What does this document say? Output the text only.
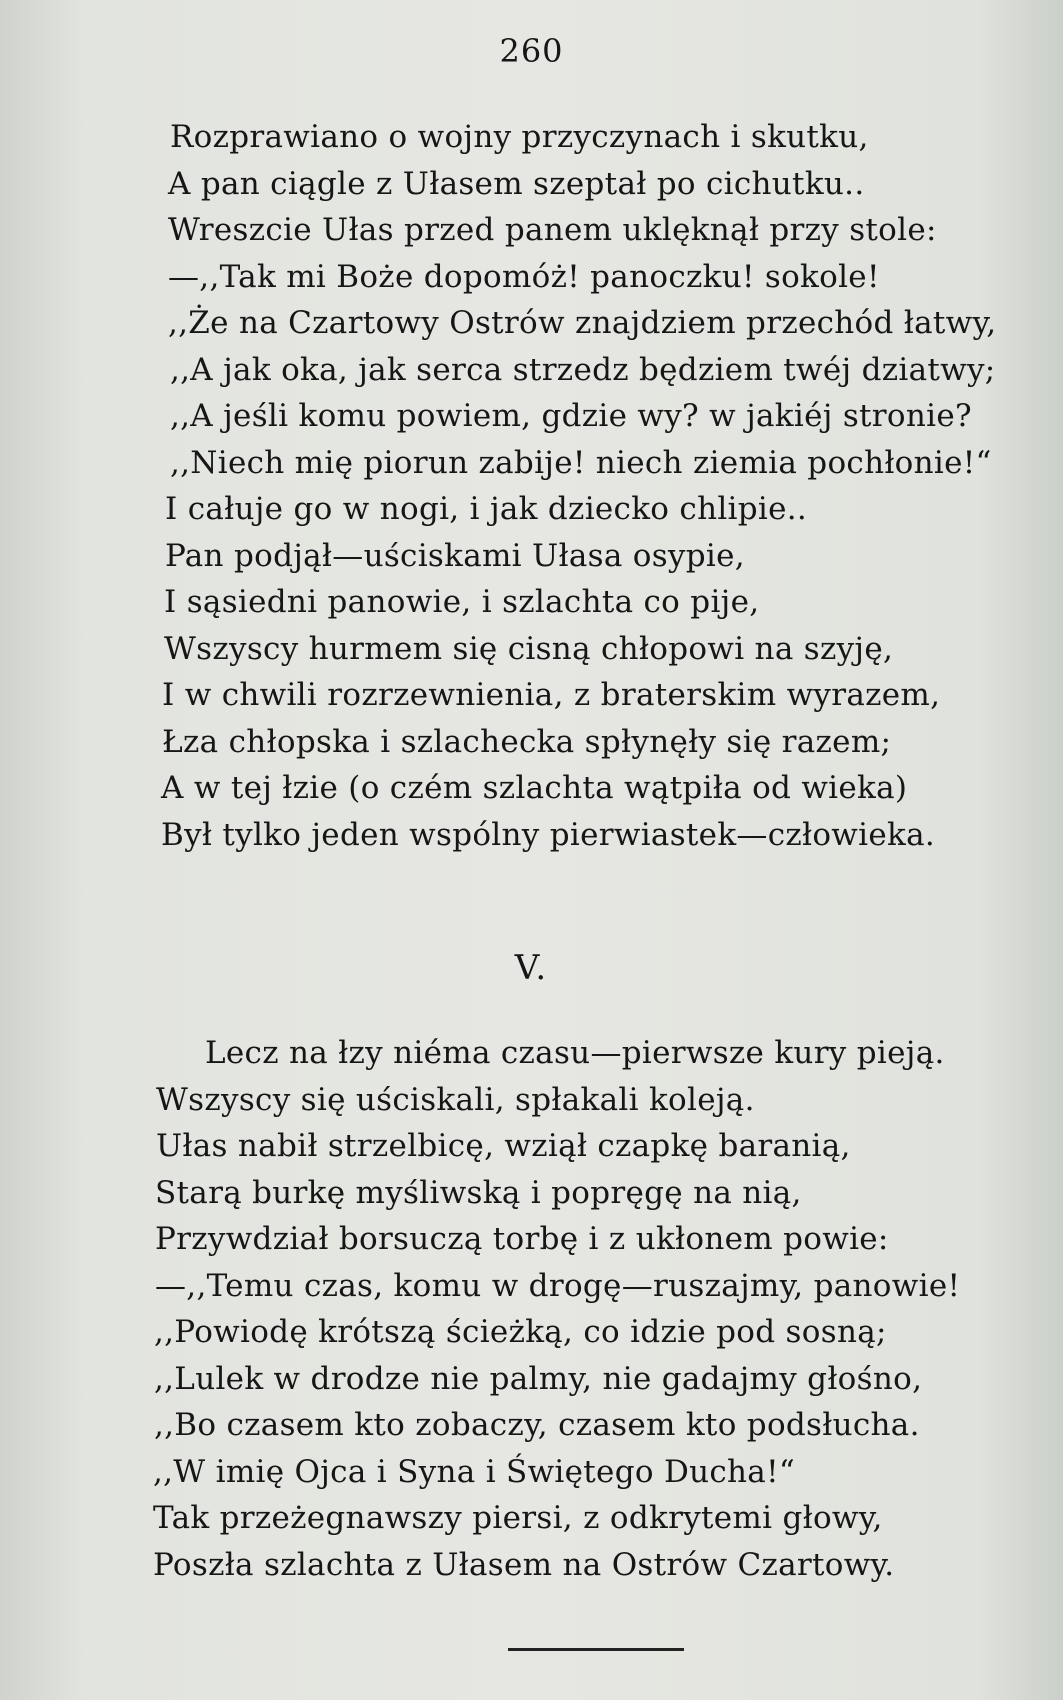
260
Rozprawiano o wojny przyczynach i skutku,
A pan ciągle z Ułasem szeptał po cichutku..
Wreszcie Ułas przed panem uklęknął przy stole:
—,,Tak mi Boże dopomóż! panoczku! sokole!
,,Że na Czartowy Ostrów znajdziem przechód łatwy,
,,A jak oka, jak serca strzedz będziem twéj dziatwy;
,,A jeśli komu powiem, gdzie wy? w jakiéj stronie?
,,Niech mię piorun zabije! niech ziemia pochłonie!“
I całuje go w nogi, i jak dziecko chlipie..
Pan podjął—uściskami Ułasa osypie,
I sąsiedni panowie, i szlachta co pije,
Wszyscy hurmem się cisną chłopowi na szyję,
I w chwili rozrzewnienia, z braterskim wyrazem,
Łza chłopska i szlachecka spłynęły się razem;
A w tej łzie (o czém szlachta wątpiła od wieka)
Był tylko jeden wspólny pierwiastek—człowieka.
V.
Lecz na łzy niéma czasu—pierwsze kury pieją.
Wszyscy się uściskali, spłakali koleją.
Ułas nabił strzelbicę, wziął czapkę baranią,
Starą burkę myśliwską i popręgę na nią,
Przywdział borsuczą torbę i z ukłonem powie:
—,,Temu czas, komu w drogę—ruszajmy, panowie!
,,Powiodę krótszą ścieżką, co idzie pod sosną;
,,Lulek w drodze nie palmy, nie gadajmy głośno,
,,Bo czasem kto zobaczy, czasem kto podsłucha.
,,W imię Ojca i Syna i Świętego Ducha!“
Tak przeżegnawszy piersi, z odkrytemi głowy,
Poszła szlachta z Ułasem na Ostrów Czartowy.
